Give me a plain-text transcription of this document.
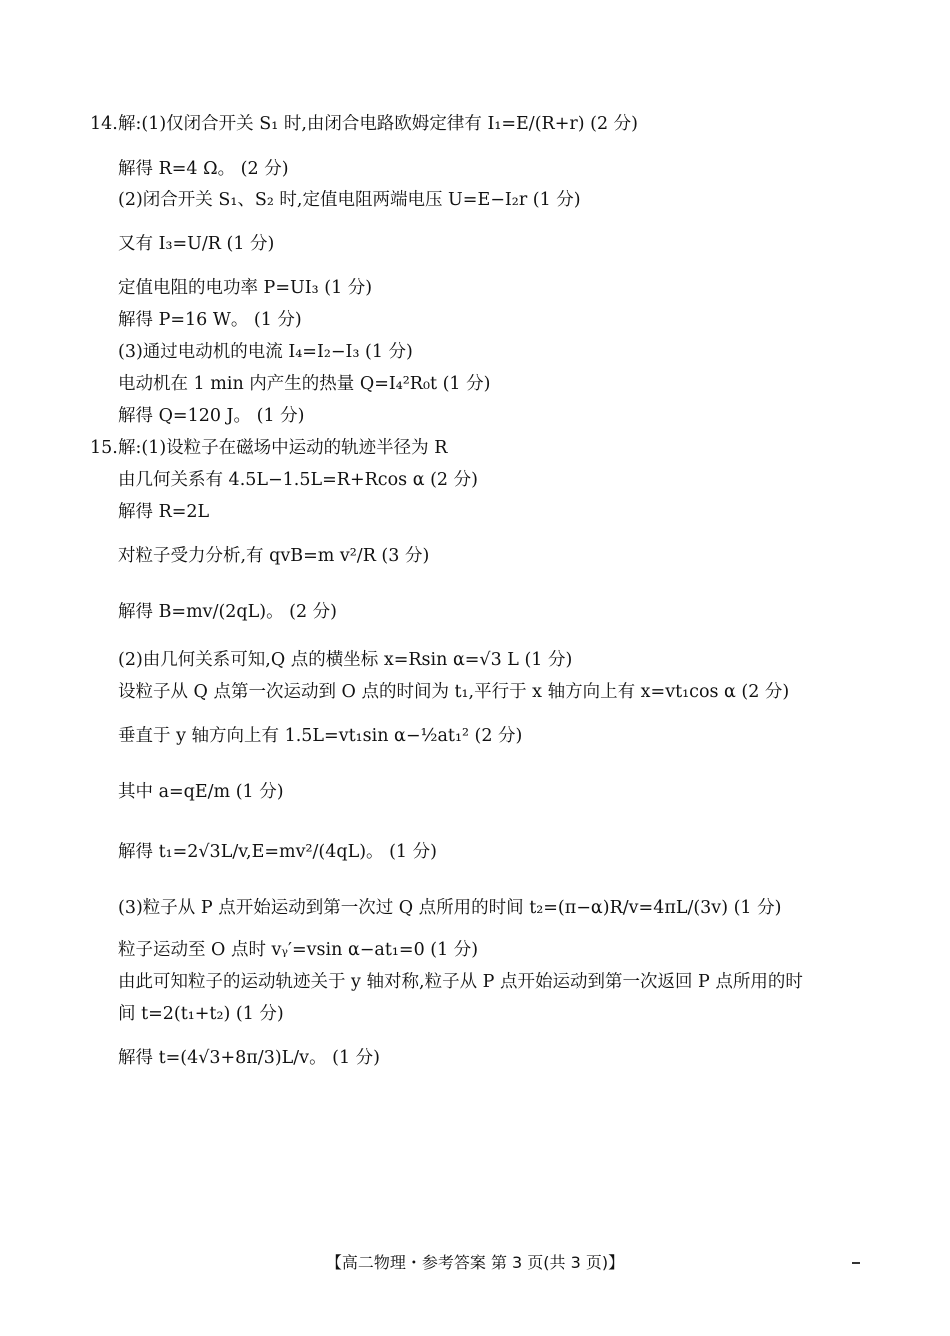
14. 解:(1)仅闭合开关 S₁ 时,由闭合电路欧姆定律有 I₁=E/(R+r) (2 分)
解得 R=4 Ω。 (2 分)
(2)闭合开关 S₁、S₂ 时,定值电阻两端电压 U=E−I₂r (1 分)
又有 I₃=U/R (1 分)
定值电阻的电功率 P=UI₃ (1 分)
解得 P=16 W。 (1 分)
(3)通过电动机的电流 I₄=I₂−I₃ (1 分)
电动机在 1 min 内产生的热量 Q=I₄²R₀t (1 分)
解得 Q=120 J。 (1 分)
15. 解:(1)设粒子在磁场中运动的轨迹半径为 R
由几何关系有 4.5L−1.5L=R+Rcos α (2 分)
解得 R=2L
对粒子受力分析,有 qvB=m v²/R (3 分)
解得 B=mv/(2qL)。 (2 分)
(2)由几何关系可知,Q 点的横坐标 x=Rsin α=√3 L (1 分)
设粒子从 Q 点第一次运动到 O 点的时间为 t₁,平行于 x 轴方向上有 x=vt₁cos α (2 分)
垂直于 y 轴方向上有 1.5L=vt₁sin α−½at₁² (2 分)
其中 a=qE/m (1 分)
解得 t₁=2√3L/v,E=mv²/(4qL)。 (1 分)
(3)粒子从 P 点开始运动到第一次过 Q 点所用的时间 t₂=(π−α)R/v=4πL/(3v) (1 分)
粒子运动至 O 点时 vᵧ′=vsin α−at₁=0 (1 分)
由此可知粒子的运动轨迹关于 y 轴对称,粒子从 P 点开始运动到第一次返回 P 点所用的时
间 t=2(t₁+t₂) (1 分)
解得 t=(4√3+8π/3)L/v。 (1 分)
【高二物理・参考答案 第 3 页(共 3 页)】
